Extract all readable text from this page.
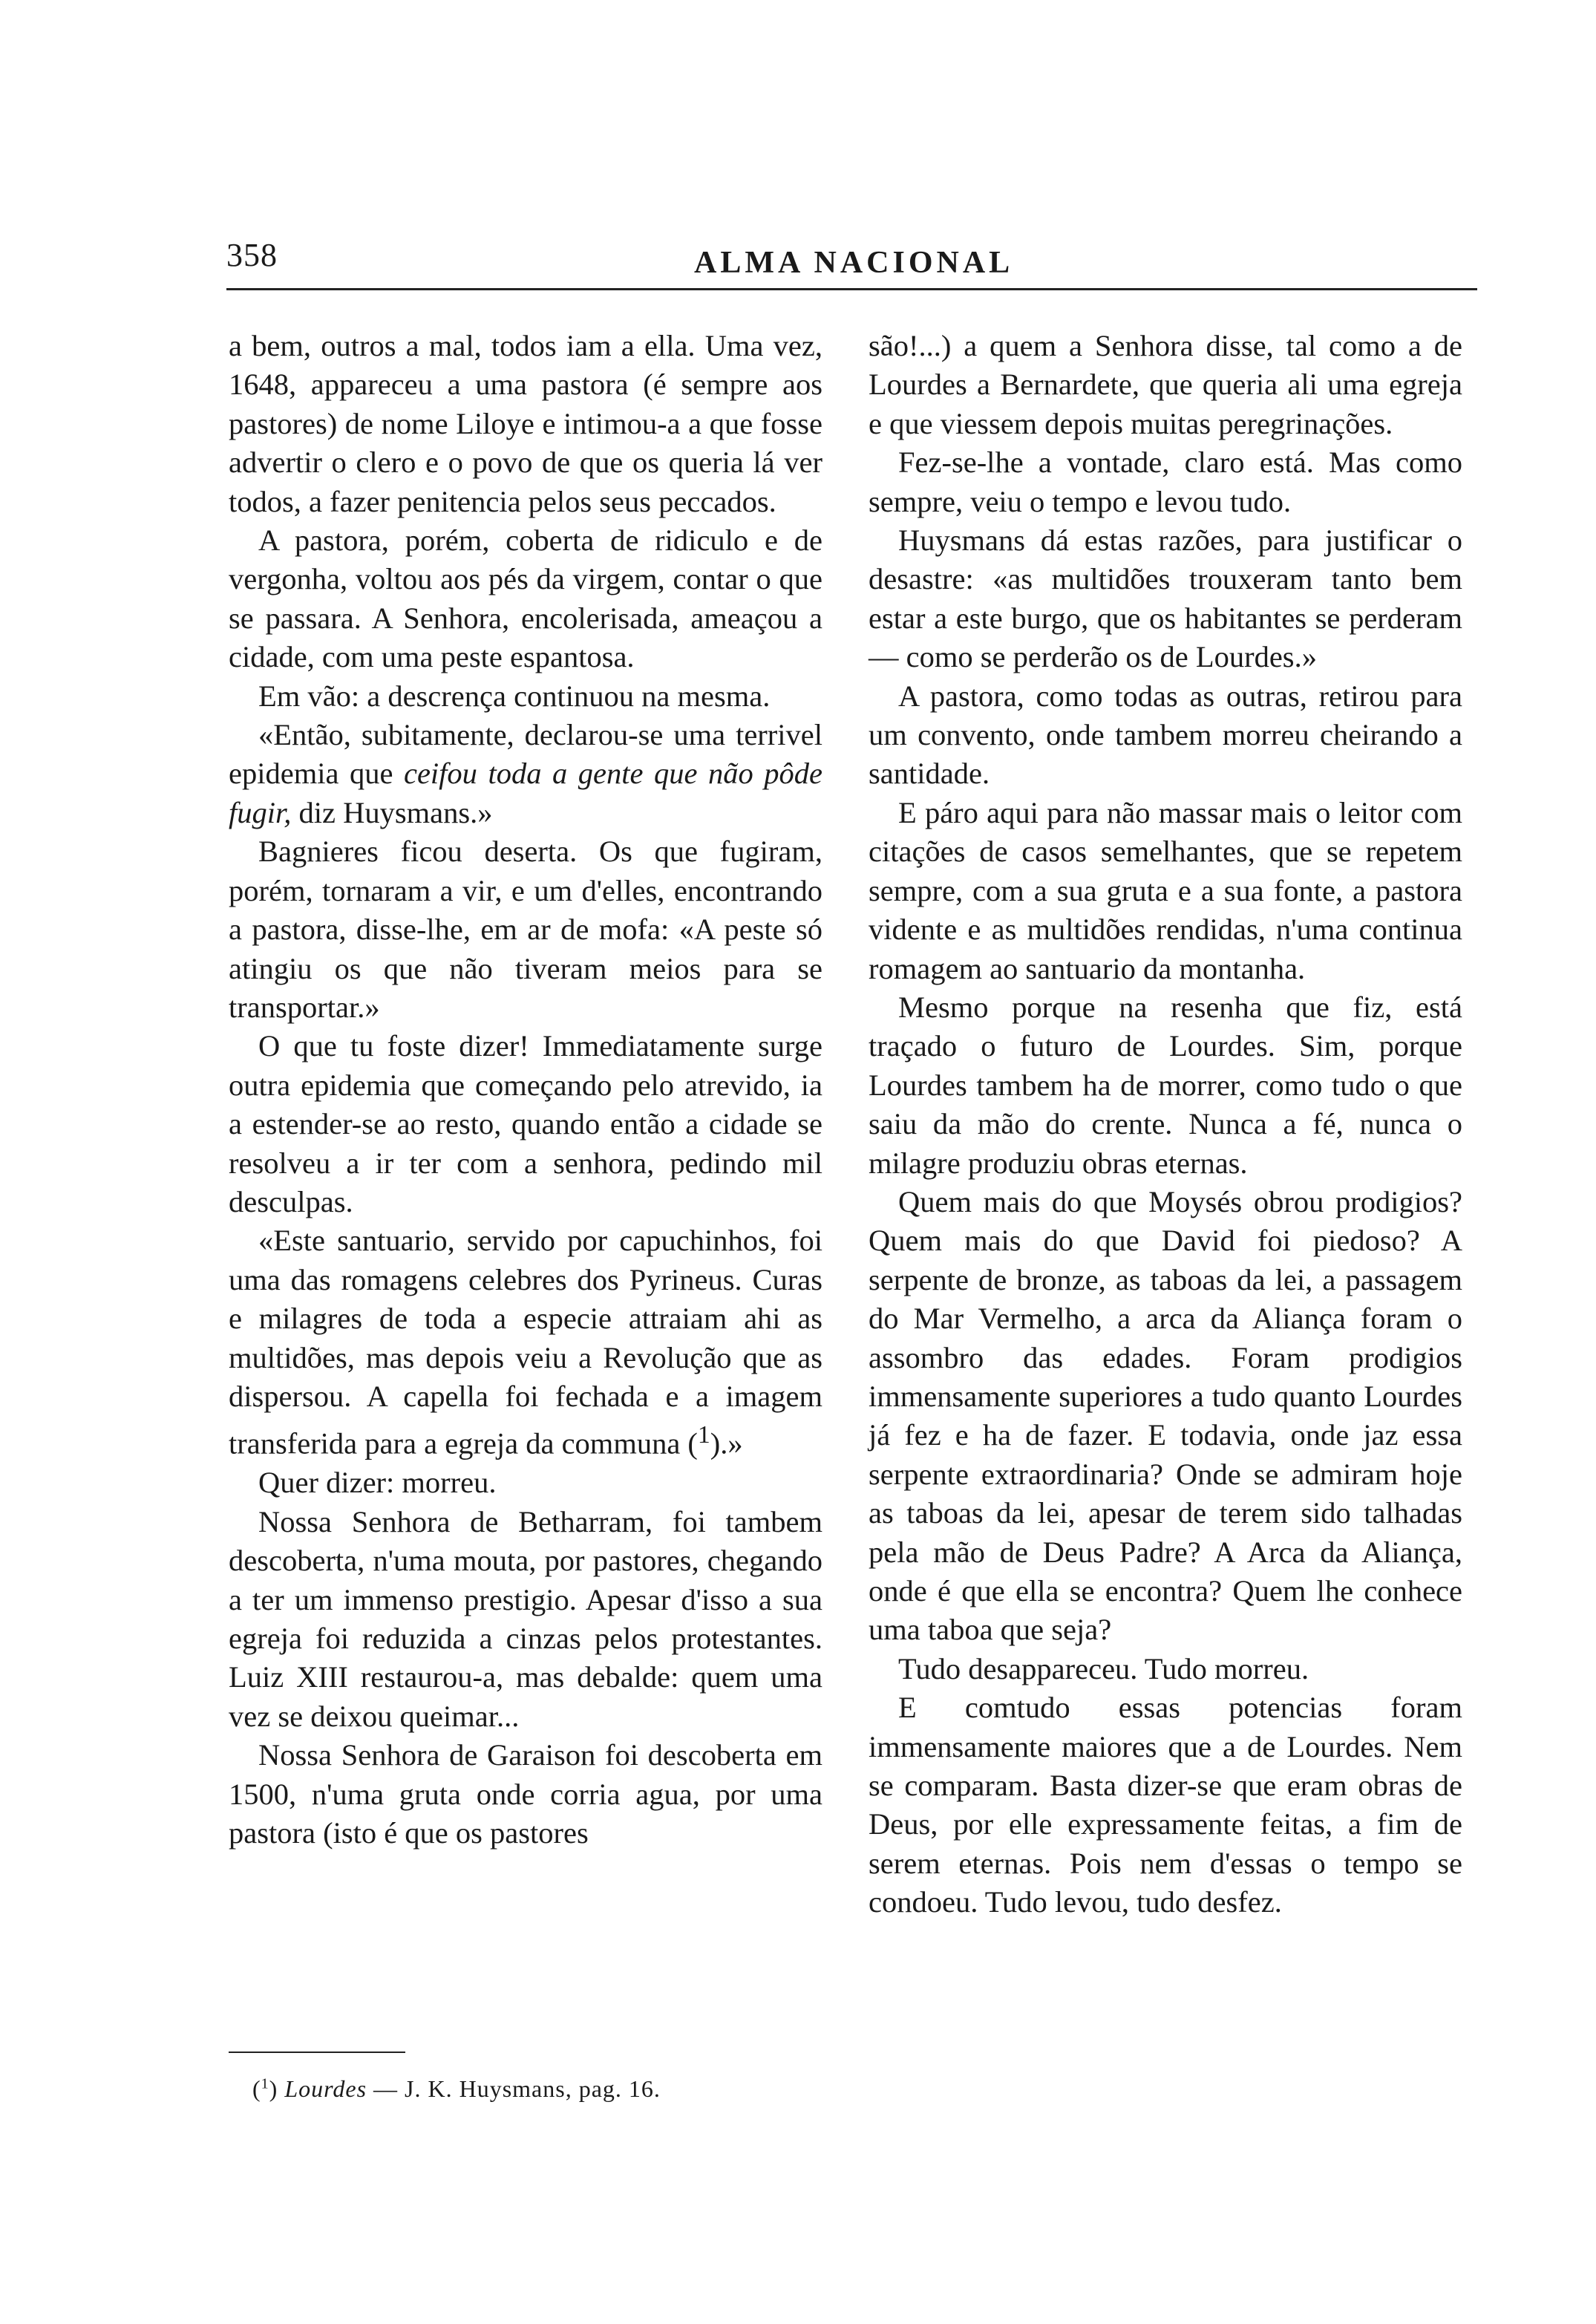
358	ALMA NACIONAL

a bem, outros a mal, todos iam a ella. Uma vez, 1648, appareceu a uma pastora (é sempre aos pastores) de nome Liloye e intimou-a a que fosse advertir o clero e o povo de que os queria lá ver todos, a fazer penitencia pelos seus peccados.

A pastora, porém, coberta de ridiculo e de vergonha, voltou aos pés da virgem, contar o que se passara. A Senhora, encolerisada, ameaçou a cidade, com uma peste espantosa.

Em vão: a descrença continuou na mesma.

«Então, subitamente, declarou-se uma terrivel epidemia que ceifou toda a gente que não pôde fugir, diz Huysmans.»

Bagnieres ficou deserta. Os que fugiram, porém, tornaram a vir, e um d'elles, encontrando a pastora, disse-lhe, em ar de mofa: «A peste só atingiu os que não tiveram meios para se transportar.»

O que tu foste dizer! Immediatamente surge outra epidemia que começando pelo atrevido, ia a estender-se ao resto, quando então a cidade se resolveu a ir ter com a senhora, pedindo mil desculpas.

«Este santuario, servido por capuchinhos, foi uma das romagens celebres dos Pyrineus. Curas e milagres de toda a especie attraiam ahi as multidões, mas depois veiu a Revolução que as dispersou. A capella foi fechada e a imagem transferida para a egreja da communa ($^1$).»

Quer dizer: morreu.

Nossa Senhora de Betharram, foi tambem descoberta, n'uma mouta, por pastores, chegando a ter um immenso prestigio. Apesar d'isso a sua egreja foi reduzida a cinzas pelos protestantes. Luiz XIII restaurou-a, mas debalde: quem uma vez se deixou queimar...

Nossa Senhora de Garaison foi descoberta em 1500, n'uma gruta onde corria agua, por uma pastora (isto é que os pastores

são!...) a quem a Senhora disse, tal como a de Lourdes a Bernardete, que queria ali uma egreja e que viessem depois muitas peregrinações.

Fez-se-lhe a vontade, claro está. Mas como sempre, veiu o tempo e levou tudo.

Huysmans dá estas razões, para justificar o desastre: «as multidões trouxeram tanto bem estar a este burgo, que os habitantes se perderam — como se perderão os de Lourdes.»

A pastora, como todas as outras, retirou para um convento, onde tambem morreu cheirando a santidade.

E páro aqui para não massar mais o leitor com citações de casos semelhantes, que se repetem sempre, com a sua gruta e a sua fonte, a pastora vidente e as multidões rendidas, n'uma continua romagem ao santuario da montanha.

Mesmo porque na resenha que fiz, está traçado o futuro de Lourdes. Sim, porque Lourdes tambem ha de morrer, como tudo o que saiu da mão do crente. Nunca a fé, nunca o milagre produziu obras eternas.

Quem mais do que Moysés obrou prodigios? Quem mais do que David foi piedoso? A serpente de bronze, as taboas da lei, a passagem do Mar Vermelho, a arca da Aliança foram o assombro das edades. Foram prodigios immensamente superiores a tudo quanto Lourdes já fez e ha de fazer. E todavia, onde jaz essa serpente extraordinaria? Onde se admiram hoje as taboas da lei, apesar de terem sido talhadas pela mão de Deus Padre? A Arca da Aliança, onde é que ella se encontra? Quem lhe conhece uma taboa que seja?

Tudo desappareceu. Tudo morreu.

E comtudo essas potencias foram immensamente maiores que a de Lourdes. Nem se comparam. Basta dizer-se que eram obras de Deus, por elle expressamente feitas, a fim de serem eternas. Pois nem d'essas o tempo se condoeu. Tudo levou, tudo desfez.

($^1$) Lourdes — J. K. Huysmans, pag. 16.
